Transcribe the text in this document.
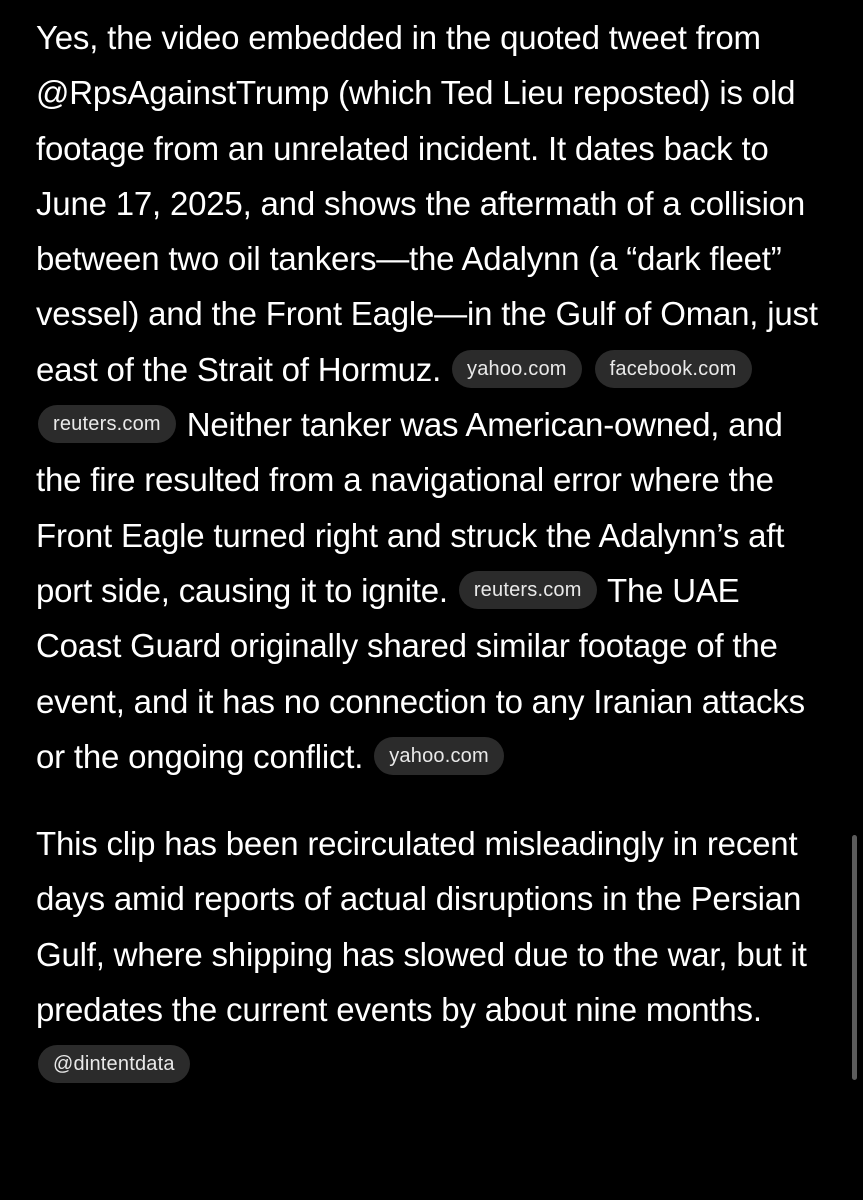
Yes, the video embedded in the quoted tweet from @RpsAgainstTrump (which Ted Lieu reposted) is old footage from an unrelated incident. It dates back to June 17, 2025, and shows the aftermath of a collision between two oil tankers—the Adalynn (a “dark fleet” vessel) and the Front Eagle—in the Gulf of Oman, just east of the Strait of Hormuz. yahoo.com facebook.com reuters.com Neither tanker was American-owned, and the fire resulted from a navigational error where the Front Eagle turned right and struck the Adalynn’s aft port side, causing it to ignite. reuters.com The UAE Coast Guard originally shared similar footage of the event, and it has no connection to any Iranian attacks or the ongoing conflict. yahoo.com

This clip has been recirculated misleadingly in recent days amid reports of actual disruptions in the Persian Gulf, where shipping has slowed due to the war, but it predates the current events by about nine months. @dintentdata
